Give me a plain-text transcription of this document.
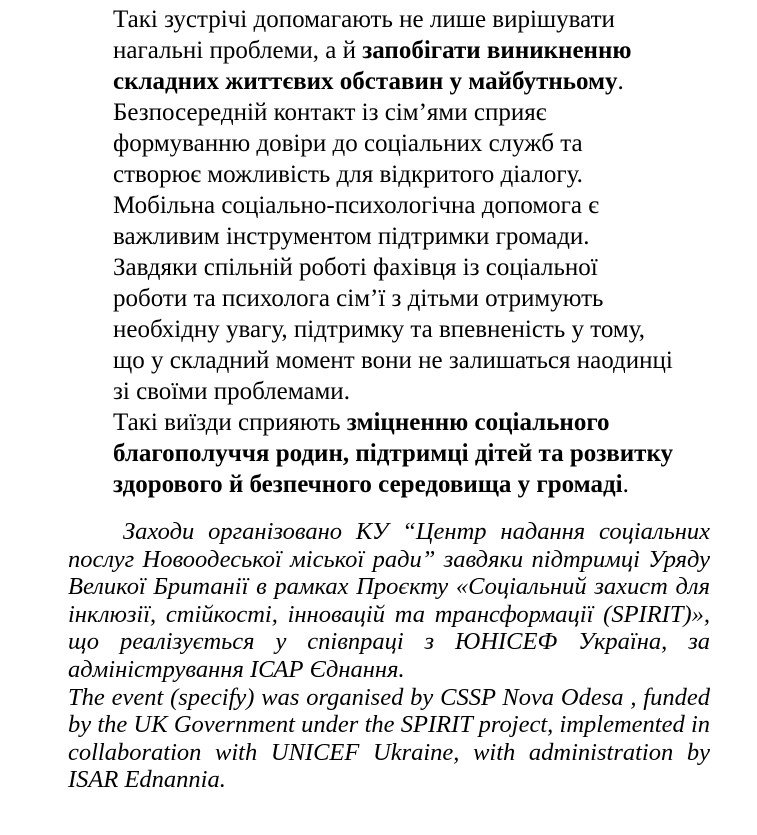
Такі зустрічі допомагають не лише вирішувати нагальні проблеми, а й запобігати виникненню складних життєвих обставин у майбутньому.

Безпосередній контакт із сім’ями сприяє формуванню довіри до соціальних служб та створює можливість для відкритого діалогу.

Мобільна соціально-психологічна допомога є важливим інструментом підтримки громади. Завдяки спільній роботі фахівця із соціальної роботи та психолога сім’ї з дітьми отримують необхідну увагу, підтримку та впевненість у тому, що у складний момент вони не залишаться наодинці зі своїми проблемами.

Такі виїзди сприяють зміцненню соціального благополуччя родин, підтримці дітей та розвитку здорового й безпечного середовища у громаді.

Заходи організовано КУ “Центр надання соціальних послуг Новоодеської міської ради” завдяки підтримці Уряду Великої Британії в рамках Проєкту «Соціальний захист для інклюзії, стійкості, інновацій та трансформації (SPIRIT)», що реалізується у співпраці з ЮНІСЕФ Україна, за адміністрування ІСАР Єднання.

The event (specify) was organised by CSSP Nova Odesa , funded by the UK Government under the SPIRIT project, implemented in collaboration with UNICEF Ukraine, with administration by ISAR Ednannia.
